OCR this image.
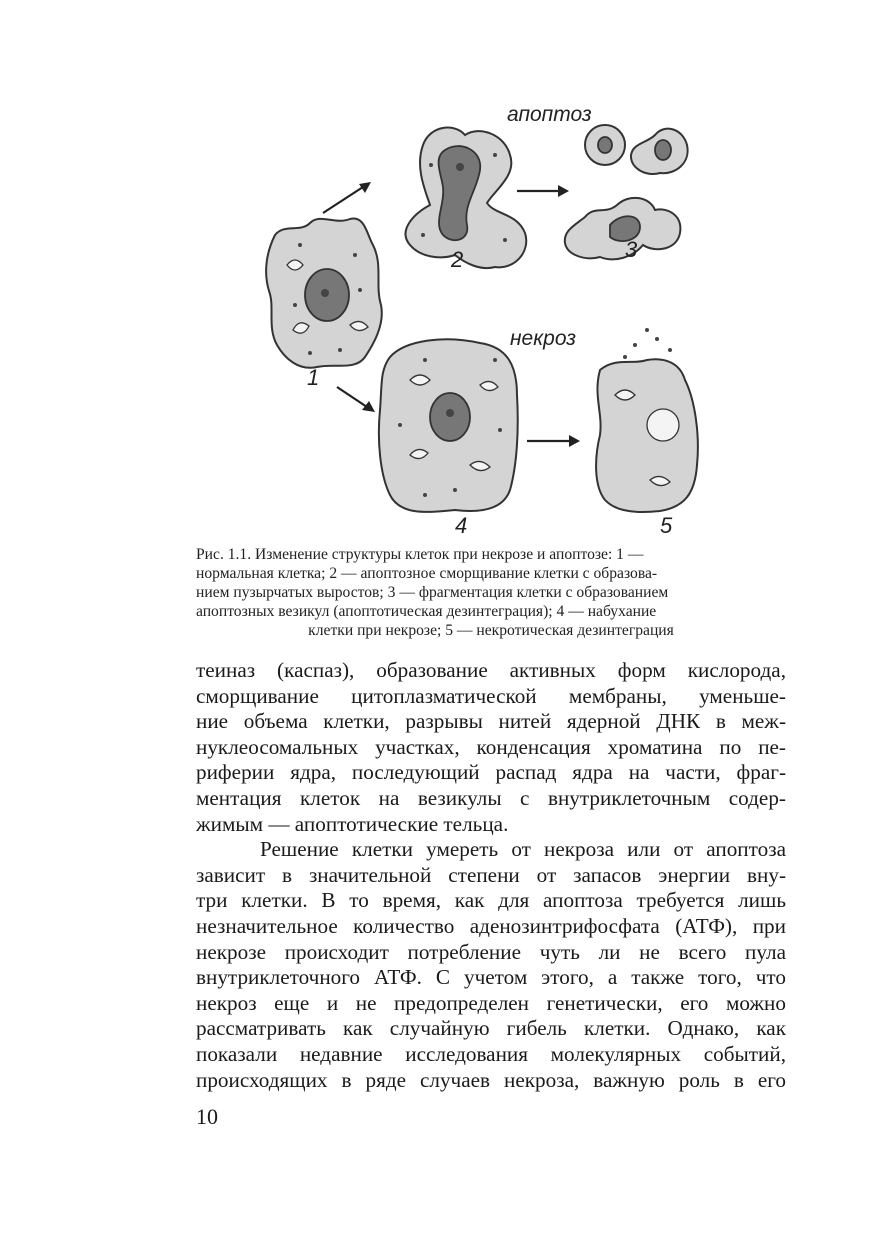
апоптоз
некроз
1
2	3
4	5

Рис. 1.1. Изменение структуры клеток при некрозе и апоптозе: 1 —

нормальная клетка; 2 — апоптозное сморщивание клетки с образова-

нием пузырчатых выростов; 3 — фрагментация клетки с образованием

апоптозных везикул (апоптотическая дезинтеграция); 4 — набухание

клетки при некрозе; 5 — некротическая дезинтеграция

теиназ (каспаз), образование активных форм кислорода,
сморщивание цитоплазматической мембраны, уменьше-
ние объема клетки, разрывы нитей ядерной ДНК в меж-
нуклеосомальных участках, конденсация хроматина по пе-
риферии ядра, последующий распад ядра на части, фраг-
ментация клеток на везикулы с внутриклеточным содер-
жимым — апоптотические тельца.
Решение клетки умереть от некроза или от апоптоза
зависит в значительной степени от запасов энергии вну-
три клетки. В то время, как для апоптоза требуется лишь
незначительное количество аденозинтрифосфата (АТФ), при
некрозе происходит потребление чуть ли не всего пула
внутриклеточного АТФ. С учетом этого, а также того, что
некроз еще и не предопределен генетически, его можно
рассматривать как случайную гибель клетки. Однако, как
показали недавние исследования молекулярных событий,
происходящих в ряде случаев некроза, важную роль в его
10
